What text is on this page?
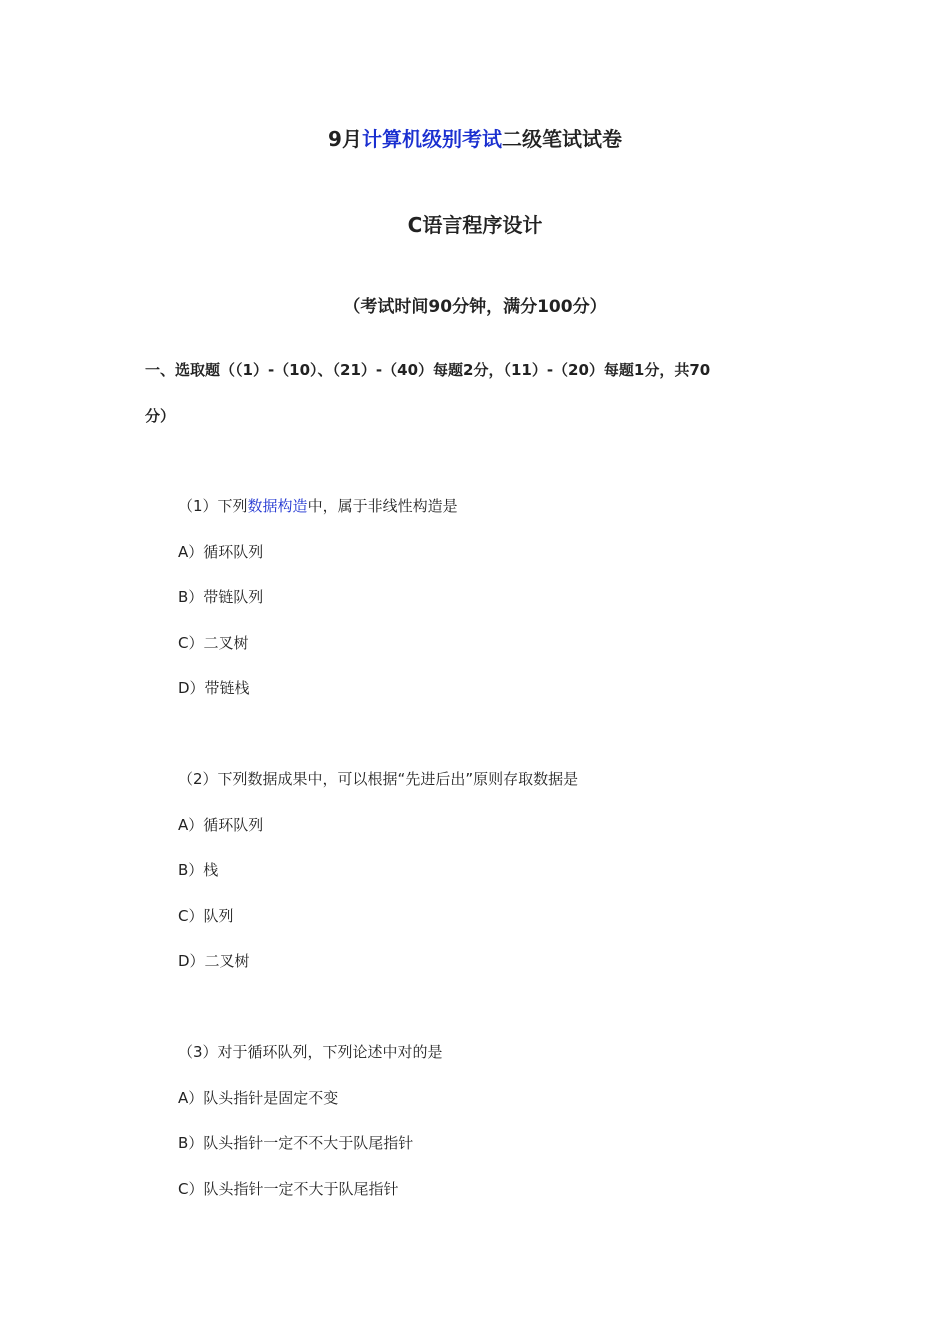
9月计算机级别考试二级笔试试卷
C语言程序设计
（考试时间90分钟，满分100分）
一、选取题（（1）-（10）、（21）-（40）每题2分，（11）-（20）每题1分，共70
分）
（1）下列数据构造中，属于非线性构造是
A）循环队列
B）带链队列
C）二叉树
D）带链栈
（2）下列数据成果中，可以根据“先进后出”原则存取数据是
A）循环队列
B）栈
C）队列
D）二叉树
（3）对于循环队列，下列论述中对的是
A）队头指针是固定不变
B）队头指针一定不不大于队尾指针
C）队头指针一定不大于队尾指针
